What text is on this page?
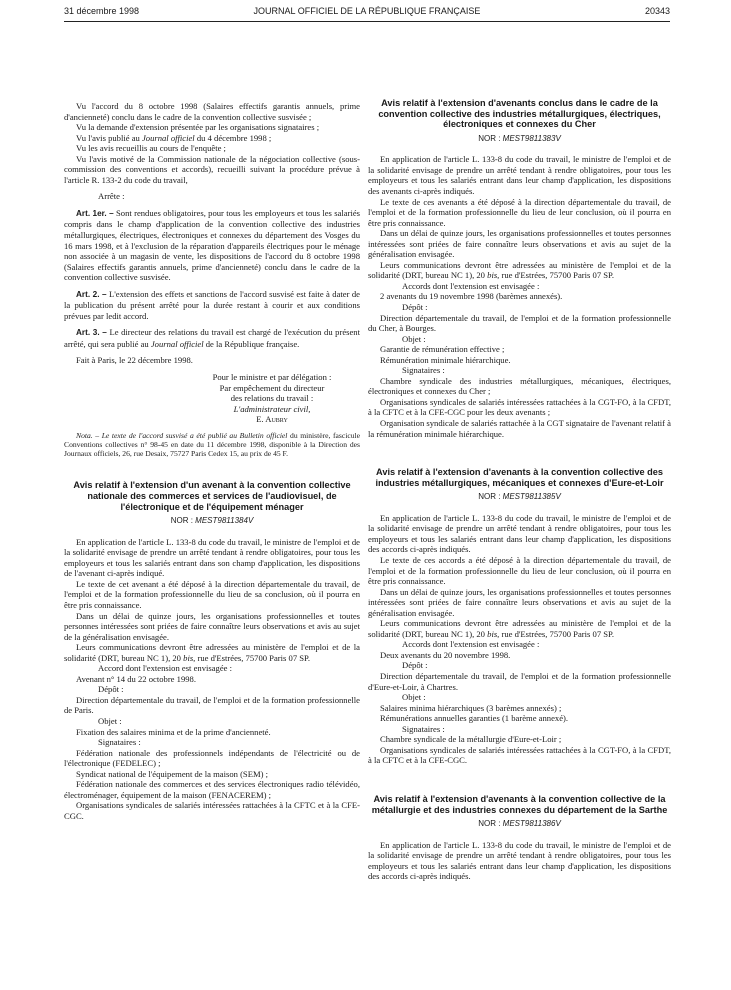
31 décembre 1998	JOURNAL OFFICIEL DE LA RÉPUBLIQUE FRANÇAISE	20343

Vu l'accord du 8 octobre 1998 (Salaires effectifs garantis annuels, prime d'ancienneté) conclu dans le cadre de la convention collective susvisée ;

Vu la demande d'extension présentée par les organisations signataires ;

Vu l'avis publié au Journal officiel du 4 décembre 1998 ;

Vu les avis recueillis au cours de l'enquête ;

Vu l'avis motivé de la Commission nationale de la négociation collective (sous-commission des conventions et accords), recueilli suivant la procédure prévue à l'article R. 133-2 du code du travail,

Arrête :

Art. 1er. – Sont rendues obligatoires, pour tous les employeurs et tous les salariés compris dans le champ d'application de la convention collective des industries métallurgiques, électriques, électroniques et connexes du département des Vosges du 16 mars 1998, et à l'exclusion de la réparation d'appareils électriques pour le ménage non associée à un magasin de vente, les dispositions de l'accord du 8 octobre 1998 (Salaires effectifs garantis annuels, prime d'ancienneté) conclu dans le cadre de la convention collective susvisée.

Art. 2. – L'extension des effets et sanctions de l'accord susvisé est faite à dater de la publication du présent arrêté pour la durée restant à courir et aux conditions prévues par ledit accord.

Art. 3. – Le directeur des relations du travail est chargé de l'exécution du présent arrêté, qui sera publié au Journal officiel de la République française.

Fait à Paris, le 22 décembre 1998.

Pour le ministre et par délégation :
Par empêchement du directeur
des relations du travail :
L'administrateur civil,
E. Aubry

Nota. – Le texte de l'accord susvisé a été publié au Bulletin officiel du ministère, fascicule Conventions collectives n° 98-45 en date du 11 décembre 1998, disponible à la Direction des Journaux officiels, 26, rue Desaix, 75727 Paris Cedex 15, au prix de 45 F.

Avis relatif à l'extension d'un avenant à la convention collective nationale des commerces et services de l'audiovisuel, de l'électronique et de l'équipement ménager

NOR : MEST9811384V

En application de l'article L. 133-8 du code du travail, le ministre de l'emploi et de la solidarité envisage de prendre un arrêté tendant à rendre obligatoires, pour tous les employeurs et tous les salariés entrant dans son champ d'application, les dispositions de l'avenant ci-après indiqué.

Le texte de cet avenant a été déposé à la direction départementale du travail, de l'emploi et de la formation professionnelle du lieu de sa conclusion, où il pourra en être pris connaissance.

Dans un délai de quinze jours, les organisations professionnelles et toutes personnes intéressées sont priées de faire connaître leurs observations et avis au sujet de la généralisation envisagée.

Leurs communications devront être adressées au ministère de l'emploi et de la solidarité (DRT, bureau NC 1), 20 bis, rue d'Estrées, 75700 Paris 07 SP.

Accord dont l'extension est envisagée :

Avenant n° 14 du 22 octobre 1998.

Dépôt :

Direction départementale du travail, de l'emploi et de la formation professionnelle de Paris.

Objet :

Fixation des salaires minima et de la prime d'ancienneté.

Signataires :

Fédération nationale des professionnels indépendants de l'électricité ou de l'électronique (FEDELEC) ;

Syndicat national de l'équipement de la maison (SEM) ;

Fédération nationale des commerces et des services électroniques radio télévidéo, électroménager, équipement de la maison (FENACEREM) ;

Organisations syndicales de salariés intéressées rattachées à la CFTC et à la CFE-CGC.

Avis relatif à l'extension d'avenants conclus dans le cadre de la convention collective des industries métallurgiques, électriques, électroniques et connexes du Cher

NOR : MEST9811383V

En application de l'article L. 133-8 du code du travail, le ministre de l'emploi et de la solidarité envisage de prendre un arrêté tendant à rendre obligatoires, pour tous les employeurs et tous les salariés entrant dans leur champ d'application, les dispositions des avenants ci-après indiqués.

Le texte de ces avenants a été déposé à la direction départementale du travail, de l'emploi et de la formation professionnelle du lieu de leur conclusion, où il pourra en être pris connaissance.

Dans un délai de quinze jours, les organisations professionnelles et toutes personnes intéressées sont priées de faire connaître leurs observations et avis au sujet de la généralisation envisagée.

Leurs communications devront être adressées au ministère de l'emploi et de la solidarité (DRT, bureau NC 1), 20 bis, rue d'Estrées, 75700 Paris 07 SP.

Accords dont l'extension est envisagée :

2 avenants du 19 novembre 1998 (barèmes annexés).

Dépôt :

Direction départementale du travail, de l'emploi et de la formation professionnelle du Cher, à Bourges.

Objet :

Garantie de rémunération effective ;

Rémunération minimale hiérarchique.

Signataires :

Chambre syndicale des industries métallurgiques, mécaniques, électriques, électroniques et connexes du Cher ;

Organisations syndicales de salariés intéressées rattachées à la CGT-FO, à la CFDT, à la CFTC et à la CFE-CGC pour les deux avenants ;

Organisation syndicale de salariés rattachée à la CGT signataire de l'avenant relatif à la rémunération minimale hiérarchique.

Avis relatif à l'extension d'avenants à la convention collective des industries métallurgiques, mécaniques et connexes d'Eure-et-Loir

NOR : MEST9811385V

En application de l'article L. 133-8 du code du travail, le ministre de l'emploi et de la solidarité envisage de prendre un arrêté tendant à rendre obligatoires, pour tous les employeurs et tous les salariés entrant dans leur champ d'application, les dispositions des accords ci-après indiqués.

Le texte de ces accords a été déposé à la direction départementale du travail, de l'emploi et de la formation professionnelle du lieu de leur conclusion, où il pourra en être pris connaissance.

Dans un délai de quinze jours, les organisations professionnelles et toutes personnes intéressées sont priées de faire connaître leurs observations et avis au sujet de la généralisation envisagée.

Leurs communications devront être adressées au ministère de l'emploi et de la solidarité (DRT, bureau NC 1), 20 bis, rue d'Estrées, 75700 Paris 07 SP.

Accords dont l'extension est envisagée :

Deux avenants du 20 novembre 1998.

Dépôt :

Direction départementale du travail, de l'emploi et de la formation professionnelle d'Eure-et-Loir, à Chartres.

Objet :

Salaires minima hiérarchiques (3 barèmes annexés) ;

Rémunérations annuelles garanties (1 barème annexé).

Signataires :

Chambre syndicale de la métallurgie d'Eure-et-Loir ;

Organisations syndicales de salariés intéressées rattachées à la CGT-FO, à la CFDT, à la CFTC et à la CFE-CGC.

Avis relatif à l'extension d'avenants à la convention collective de la métallurgie et des industries connexes du département de la Sarthe

NOR : MEST9811386V

En application de l'article L. 133-8 du code du travail, le ministre de l'emploi et de la solidarité envisage de prendre un arrêté tendant à rendre obligatoires, pour tous les employeurs et tous les salariés entrant dans leur champ d'application, les dispositions des accords ci-après indiqués.
